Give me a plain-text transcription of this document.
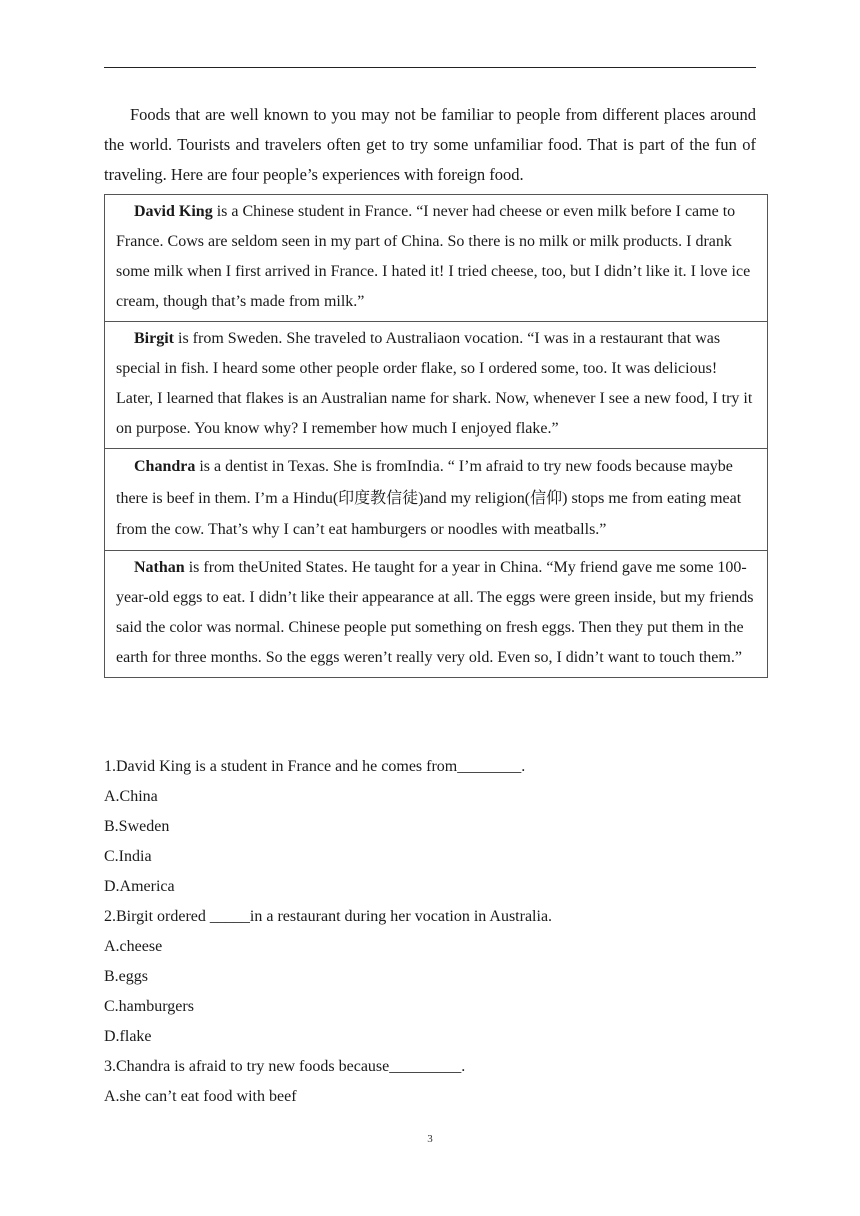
Foods that are well known to you may not be familiar to people from different places around the world. Tourists and travelers often get to try some unfamiliar food. That is part of the fun of traveling. Here are four people’s experiences with foreign food.

David King is a Chinese student in France. “I never had cheese or even milk before I came to France. Cows are seldom seen in my part of China. So there is no milk or milk products. I drank some milk when I first arrived in France. I hated it! I tried cheese, too, but I didn’t like it. I love ice cream, though that’s made from milk.”

Birgit is from Sweden. She traveled to Australiaon vocation. “I was in a restaurant that was special in fish. I heard some other people order flake, so I ordered some, too. It was delicious! Later, I learned that flakes is an Australian name for shark. Now, whenever I see a new food, I try it on purpose. You know why? I remember how much I enjoyed flake.”

Chandra is a dentist in Texas. She is fromIndia. “ I’m afraid to try new foods because maybe there is beef in them. I’m a Hindu(印度教信徒)and my religion(信仰) stops me from eating meat from the cow. That’s why I can’t eat hamburgers or noodles with meatballs.”

Nathan is from theUnited States. He taught for a year in China. “My friend gave me some 100-year-old eggs to eat. I didn’t like their appearance at all. The eggs were green inside, but my friends said the color was normal. Chinese people put something on fresh eggs. Then they put them in the earth for three months. So the eggs weren’t really very old. Even so, I didn’t want to touch them.”

1.David King is a student in France and he comes from________.

A.China

B.Sweden

C.India

D.America

2.Birgit ordered _____in a restaurant during her vocation in Australia.

A.cheese

B.eggs

C.hamburgers

D.flake

3.Chandra is afraid to try new foods because_________.

A.she can’t eat food with beef

3
